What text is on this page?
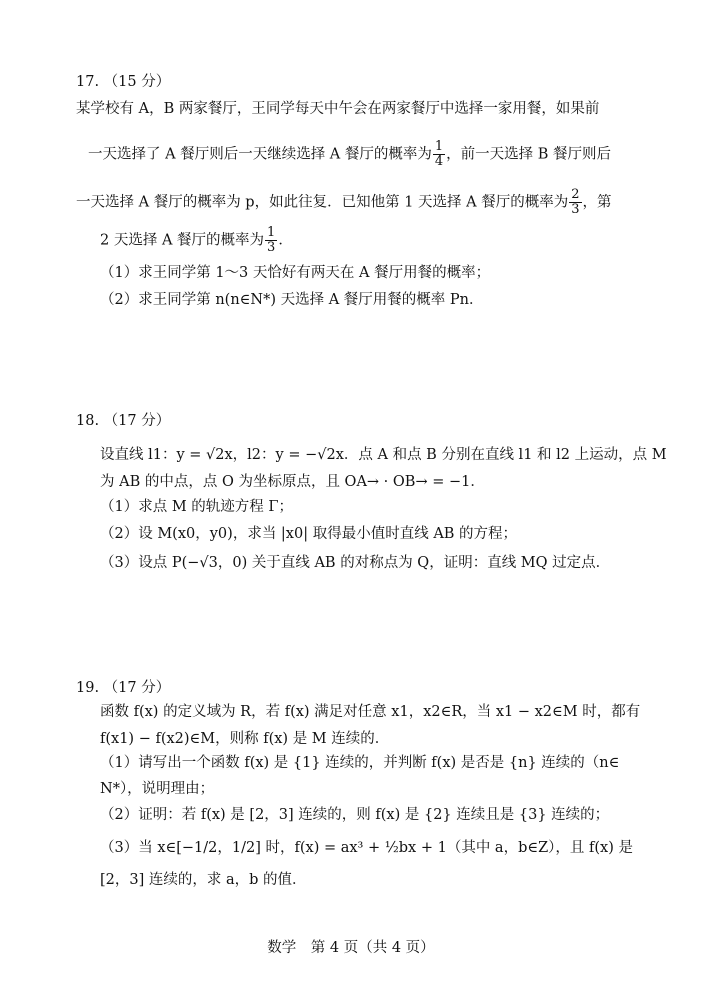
17. （15 分）
某学校有 A，B 两家餐厅，王同学每天中午会在两家餐厅中选择一家用餐，如果前
一天选择了 A 餐厅则后一天继续选择 A 餐厅的概率为 $\frac{1}{4}$ ，前一天选择 B 餐厅则后
一天选择 A 餐厅的概率为 p，如此往复．已知他第 1 天选择 A 餐厅的概率为 $\frac{2}{3}$ ，第
2 天选择 A 餐厅的概率为 $\frac{1}{3}$ ．
（1）求王同学第 1～3 天恰好有两天在 A 餐厅用餐的概率；
（2）求王同学第 n(n∈N*) 天选择 A 餐厅用餐的概率 Pn．
18. （17 分）
设直线 l1：y = √2x，l2：y = −√2x．点 A 和点 B 分别在直线 l1 和 l2 上运动，点 M
为 AB 的中点，点 O 为坐标原点，且 OA→ · OB→ = −1．
（1）求点 M 的轨迹方程 Γ；
（2）设 M(x0，y0)，求当 |x0| 取得最小值时直线 AB 的方程；
（3）设点 P(−√3，0) 关于直线 AB 的对称点为 Q，证明：直线 MQ 过定点．
19. （17 分）
函数 f(x) 的定义域为 R，若 f(x) 满足对任意 x1，x2∈R，当 x1 − x2∈M 时，都有
f(x1) − f(x2)∈M，则称 f(x) 是 M 连续的．
（1）请写出一个函数 f(x) 是 {1} 连续的，并判断 f(x) 是否是 {n} 连续的（n∈
N*），说明理由；
（2）证明：若 f(x) 是 [2，3] 连续的，则 f(x) 是 {2} 连续且是 {3} 连续的；
（3）当 x∈[−1/2，1/2] 时，f(x) = ax³ + ½bx + 1（其中 a，b∈Z），且 f(x) 是
[2，3] 连续的，求 a，b 的值．
数学　第 4 页（共 4 页）
